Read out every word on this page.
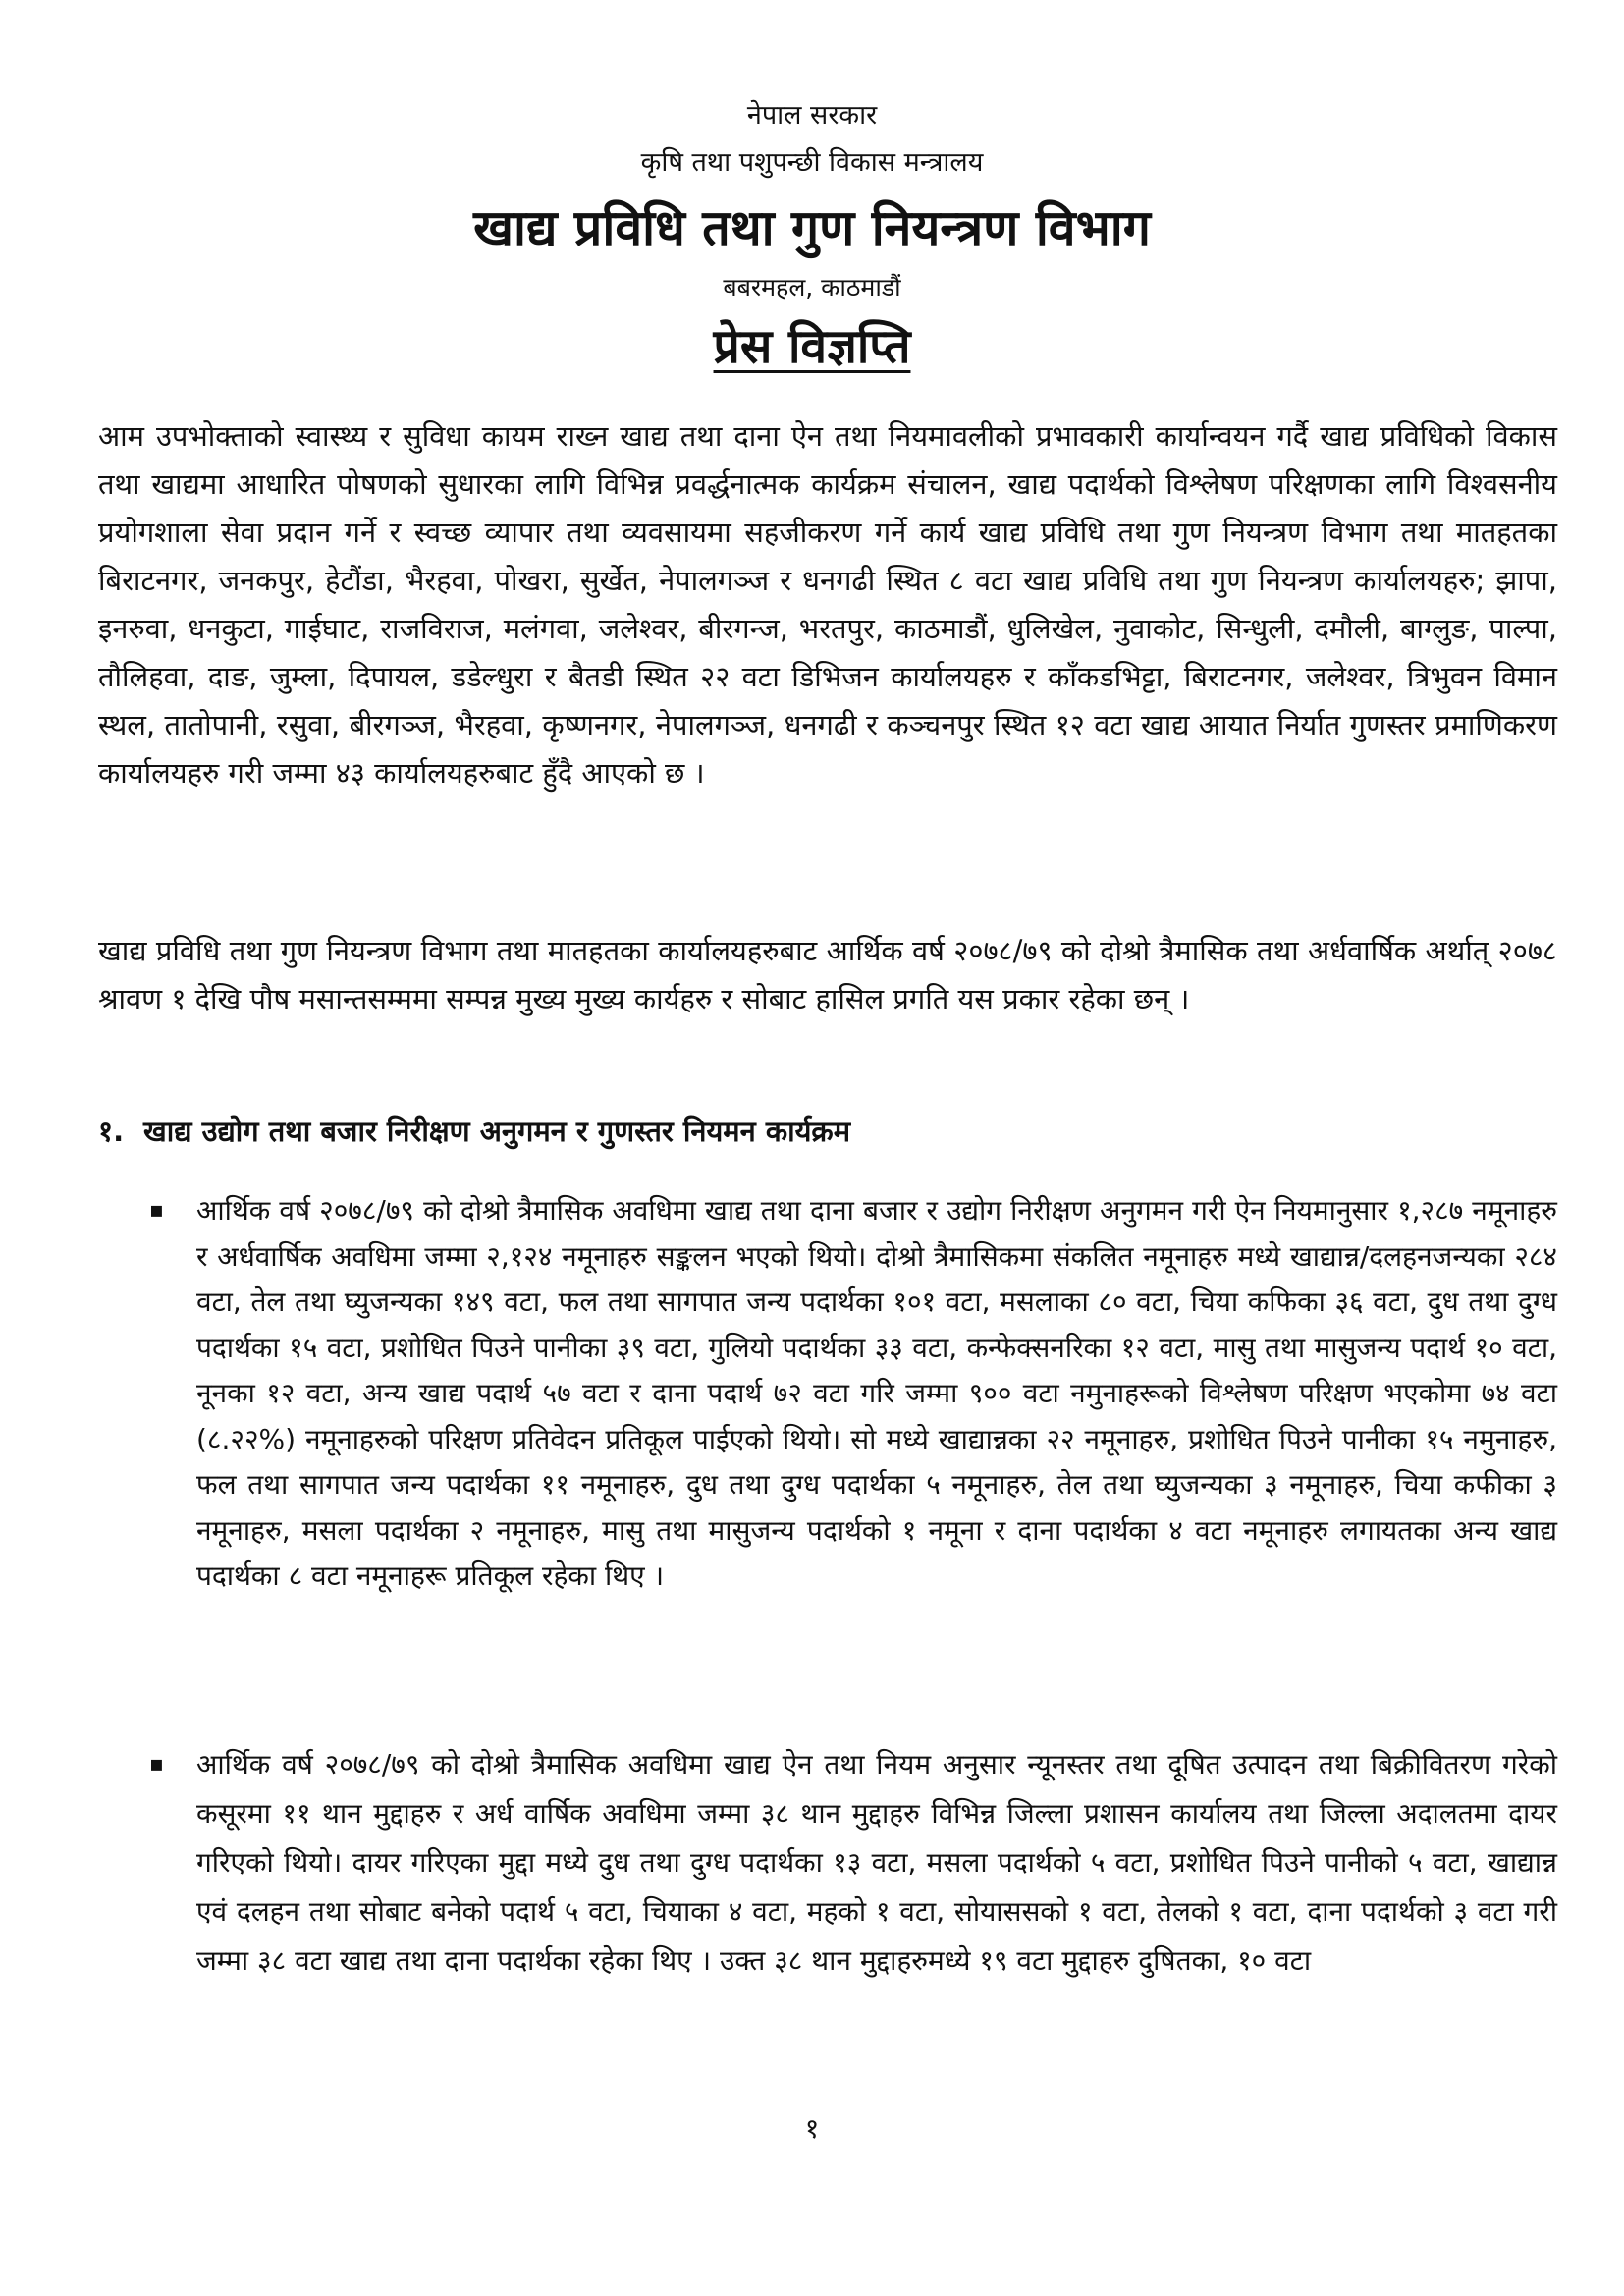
नेपाल सरकार
कृषि तथा पशुपन्छी विकास मन्त्रालय
खाद्य प्रविधि तथा गुण नियन्त्रण विभाग
बबरमहल, काठमाडौं
प्रेस विज्ञप्ति

आम उपभोक्ताको स्वास्थ्य र सुविधा कायम राख्न खाद्य तथा दाना ऐन तथा नियमावलीको प्रभावकारी कार्यान्वयन गर्दै खाद्य प्रविधिको विकास तथा खाद्यमा आधारित पोषणको सुधारका लागि विभिन्न प्रवर्द्धनात्मक कार्यक्रम संचालन, खाद्य पदार्थको विश्लेषण परिक्षणका लागि विश्वसनीय प्रयोगशाला सेवा प्रदान गर्ने र स्वच्छ व्यापार तथा व्यवसायमा सहजीकरण गर्ने कार्य खाद्य प्रविधि तथा गुण नियन्त्रण विभाग तथा मातहतका बिराटनगर, जनकपुर, हेटौंडा, भैरहवा, पोखरा, सुर्खेत, नेपालगञ्ज र धनगढी स्थित ८ वटा खाद्य प्रविधि तथा गुण नियन्त्रण कार्यालयहरु; झापा, इनरुवा, धनकुटा, गाईघाट, राजविराज, मलंगवा, जलेश्वर, बीरगन्ज, भरतपुर, काठमाडौं, धुलिखेल, नुवाकोट, सिन्धुली, दमौली, बाग्लुङ, पाल्पा, तौलिहवा, दाङ, जुम्ला, दिपायल, डडेल्धुरा र बैतडी स्थित २२ वटा डिभिजन कार्यालयहरु र काँकडभिट्टा, बिराटनगर, जलेश्वर, त्रिभुवन विमान स्थल, तातोपानी, रसुवा, बीरगञ्ज, भैरहवा, कृष्णनगर, नेपालगञ्ज, धनगढी र कञ्चनपुर स्थित १२ वटा खाद्य आयात निर्यात गुणस्तर प्रमाणिकरण कार्यालयहरु गरी जम्मा ४३ कार्यालयहरुबाट हुँदै आएको छ ।

खाद्य प्रविधि तथा गुण नियन्त्रण विभाग तथा मातहतका कार्यालयहरुबाट आर्थिक वर्ष २०७८/७९ को दोश्रो त्रैमासिक तथा अर्धवार्षिक अर्थात् २०७८ श्रावण १ देखि पौष मसान्तसम्ममा सम्पन्न मुख्य मुख्य कार्यहरु र सोबाट हासिल प्रगति यस प्रकार रहेका छन् ।

१. खाद्य उद्योग तथा बजार निरीक्षण अनुगमन र गुणस्तर नियमन कार्यक्रम
▪ आर्थिक वर्ष २०७८/७९ को दोश्रो त्रैमासिक अवधिमा खाद्य तथा दाना बजार र उद्योग निरीक्षण अनुगमन गरी ऐन नियमानुसार १,२८७ नमूनाहरु र अर्धवार्षिक अवधिमा जम्मा २,१२४ नमूनाहरु सङ्कलन भएको थियो। दोश्रो त्रैमासिकमा संकलित नमूनाहरु मध्ये खाद्यान्न/दलहनजन्यका २८४ वटा, तेल तथा घ्युजन्यका १४९ वटा, फल तथा सागपात जन्य पदार्थका १०१ वटा, मसलाका ८० वटा, चिया कफिका ३६ वटा, दुध तथा दुग्ध पदार्थका १५ वटा, प्रशोधित पिउने पानीका ३९ वटा, गुलियो पदार्थका ३३ वटा, कन्फेक्सनरिका १२ वटा, मासु तथा मासुजन्य पदार्थ १० वटा, नूनका १२ वटा, अन्य खाद्य पदार्थ ५७ वटा र दाना पदार्थ ७२ वटा गरि जम्मा ९०० वटा नमुनाहरूको विश्लेषण परिक्षण भएकोमा ७४ वटा (८.२२%) नमूनाहरुको परिक्षण प्रतिवेदन प्रतिकूल पाईएको थियो। सो मध्ये खाद्यान्नका २२ नमूनाहरु, प्रशोधित पिउने पानीका १५ नमुनाहरु, फल तथा सागपात जन्य पदार्थका ११ नमूनाहरु, दुध तथा दुग्ध पदार्थका ५ नमूनाहरु, तेल तथा घ्युजन्यका ३ नमूनाहरु, चिया कफीका ३ नमूनाहरु, मसला पदार्थका २ नमूनाहरु, मासु तथा मासुजन्य पदार्थको १ नमूना र दाना पदार्थका ४ वटा नमूनाहरु लगायतका अन्य खाद्य पदार्थका ८ वटा नमूनाहरू प्रतिकूल रहेका थिए ।
▪ आर्थिक वर्ष २०७८/७९ को दोश्रो त्रैमासिक अवधिमा खाद्य ऐन तथा नियम अनुसार न्यूनस्तर तथा दूषित उत्पादन तथा बिक्रीवितरण गरेको कसूरमा ११ थान मुद्दाहरु र अर्ध वार्षिक अवधिमा जम्मा ३८ थान मुद्दाहरु विभिन्न जिल्ला प्रशासन कार्यालय तथा जिल्ला अदालतमा दायर गरिएको थियो। दायर गरिएका मुद्दा मध्ये दुध तथा दुग्ध पदार्थका १३ वटा, मसला पदार्थको ५ वटा, प्रशोधित पिउने पानीको ५ वटा, खाद्यान्न एवं दलहन तथा सोबाट बनेको पदार्थ ५ वटा, चियाका ४ वटा, महको १ वटा, सोयाससको १ वटा, तेलको १ वटा, दाना पदार्थको ३ वटा गरी जम्मा ३८ वटा खाद्य तथा दाना पदार्थका रहेका थिए । उक्त ३८ थान मुद्दाहरुमध्ये १९ वटा मुद्दाहरु दुषितका, १० वटा
१
